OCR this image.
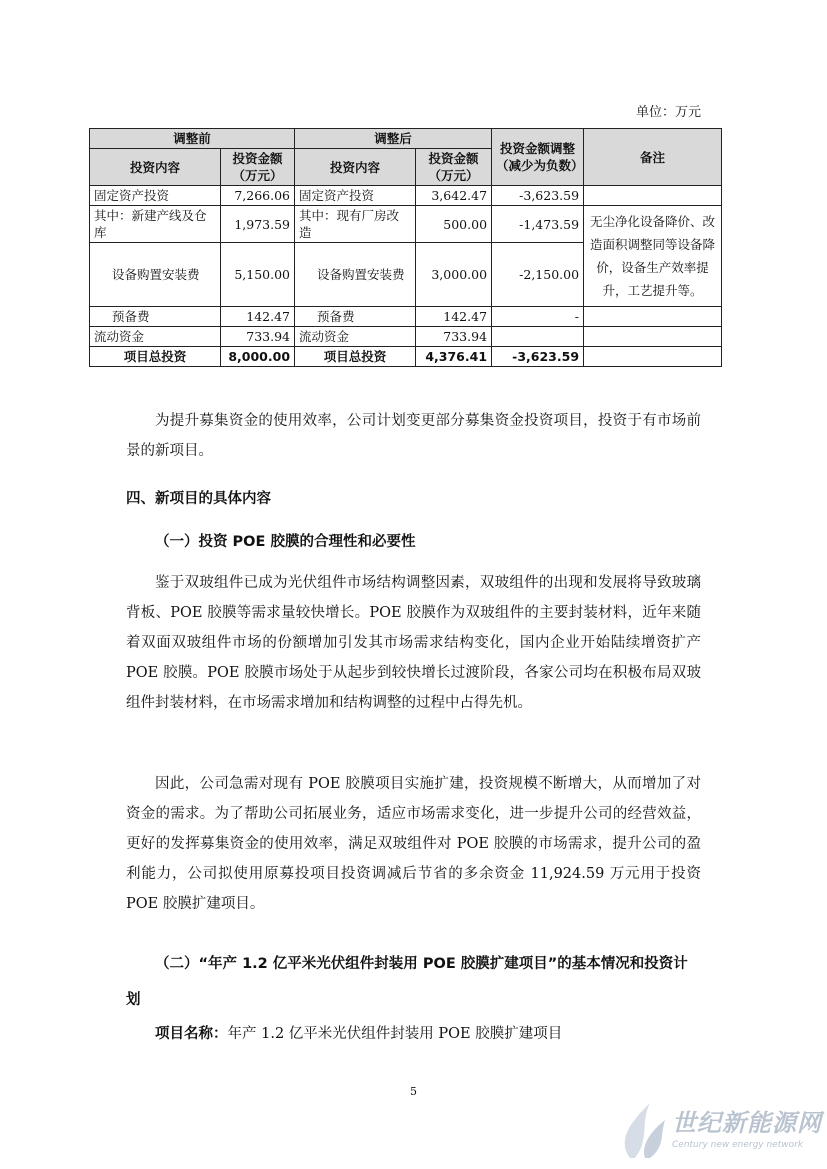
单位：万元
调整前		调整后		投资金额调整（减少为负数）	备注
投资内容	投资金额（万元）	投资内容	投资金额（万元）		
固定资产投资	7,266.06	固定资产投资	3,642.47	-3,623.59	
其中：新建产线及仓库	1,973.59	其中：现有厂房改造	500.00	-1,473.59	无尘净化设备降价、改造面积调整同等设备降价，设备生产效率提升，工艺提升等。
设备购置安装费	5,150.00	设备购置安装费	3,000.00	-2,150.00	
预备费	142.47	预备费	142.47	-	
流动资金	733.94	流动资金	733.94		
项目总投资	8,000.00	项目总投资	4,376.41	-3,623.59	

为提升募集资金的使用效率，公司计划变更部分募集资金投资项目，投资于有市场前景的新项目。

四、新项目的具体内容
（一）投资 POE 胶膜的合理性和必要性

鉴于双玻组件已成为光伏组件市场结构调整因素，双玻组件的出现和发展将导致玻璃背板、POE 胶膜等需求量较快增长。POE 胶膜作为双玻组件的主要封装材料，近年来随着双面双玻组件市场的份额增加引发其市场需求结构变化，国内企业开始陆续增资扩产 POE 胶膜。POE 胶膜市场处于从起步到较快增长过渡阶段，各家公司均在积极布局双玻组件封装材料，在市场需求增加和结构调整的过程中占得先机。

因此，公司急需对现有 POE 胶膜项目实施扩建，投资规模不断增大，从而增加了对资金的需求。为了帮助公司拓展业务，适应市场需求变化，进一步提升公司的经营效益，更好的发挥募集资金的使用效率，满足双玻组件对 POE 胶膜的市场需求，提升公司的盈利能力，公司拟使用原募投项目投资调减后节省的多余资金 11,924.59 万元用于投资 POE 胶膜扩建项目。

（二）“年产 1.2 亿平米光伏组件封装用 POE 胶膜扩建项目”的基本情况和投资计划
项目名称：年产 1.2 亿平米光伏组件封装用 POE 胶膜扩建项目
5
世纪新能源网
Century new energy network
